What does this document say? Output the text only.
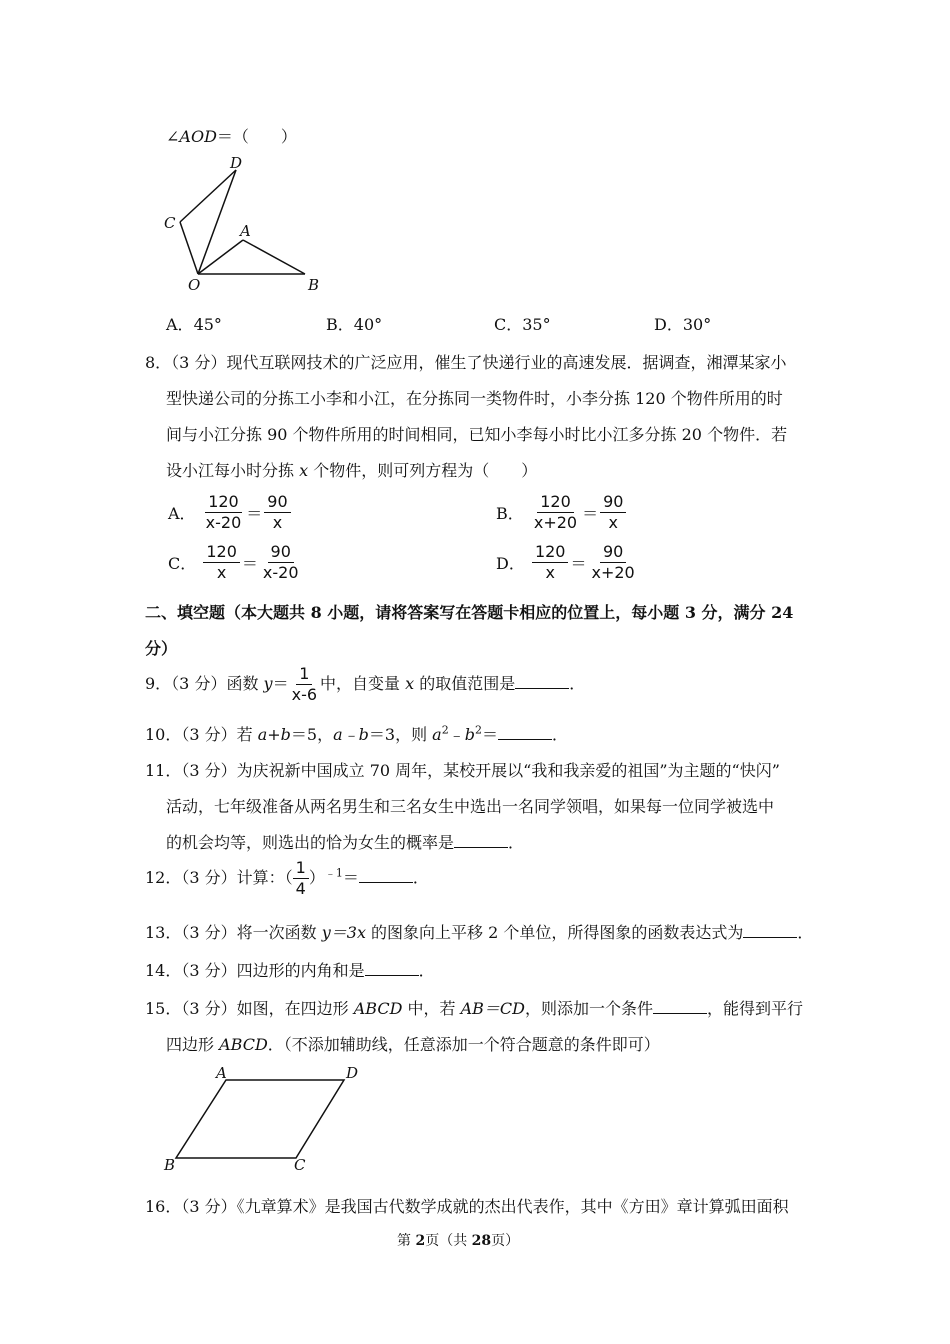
∠AOD＝（　　）
D
C	A
O	B
A．45°	B．40°	C．35°	D．30°
8．（3 分）现代互联网技术的广泛应用，催生了快递行业的高速发展．据调查，湘潭某家小
型快递公司的分拣工小李和小江，在分拣同一类物件时，小李分拣 120 个物件所用的时
间与小江分拣 90 个物件所用的时间相同，已知小李每小时比小江多分拣 20 个物件．若
设小江每小时分拣 x 个物件，则可列方程为（　　）
A． $\frac{120}{x-20} = \frac{90}{x}$	B． $\frac{120}{x+20} = \frac{90}{x}$
C． $\frac{120}{x} = \frac{90}{x-20}$	D． $\frac{120}{x} = \frac{90}{x+20}$
二、填空题（本大题共 8 小题，请将答案写在答题卡相应的位置上，每小题 3 分，满分 24
分）
9．（3 分）函数 $y= \frac{1}{x-6}$ 中，自变量 x 的取值范围是	．
10．（3 分）若 a+b＝5，a﹣b＝3，则 $a^2﹣b^2=$	．
11．（3 分）为庆祝新中国成立 70 周年，某校开展以“我和我亲爱的祖国”为主题的“快闪”
活动，七年级准备从两名男生和三名女生中选出一名同学领唱，如果每一位同学被选中
的机会均等，则选出的恰为女生的概率是	．
12．（3 分）计算：（ $\frac{1}{4} )^{﹣1}=$	．
13．（3 分）将一次函数 y＝3x 的图象向上平移 2 个单位，所得图象的函数表达式为	．
14．（3 分）四边形的内角和是	．
15．（3 分）如图，在四边形 ABCD 中，若 AB＝CD，则添加一个条件	，能得到平行
四边形 ABCD．（不添加辅助线，任意添加一个符合题意的条件即可）
A	D
B	C
16．（3 分）《九章算术》是我国古代数学成就的杰出代表作，其中《方田》章计算弧田面积
第 2页（共 28页）
